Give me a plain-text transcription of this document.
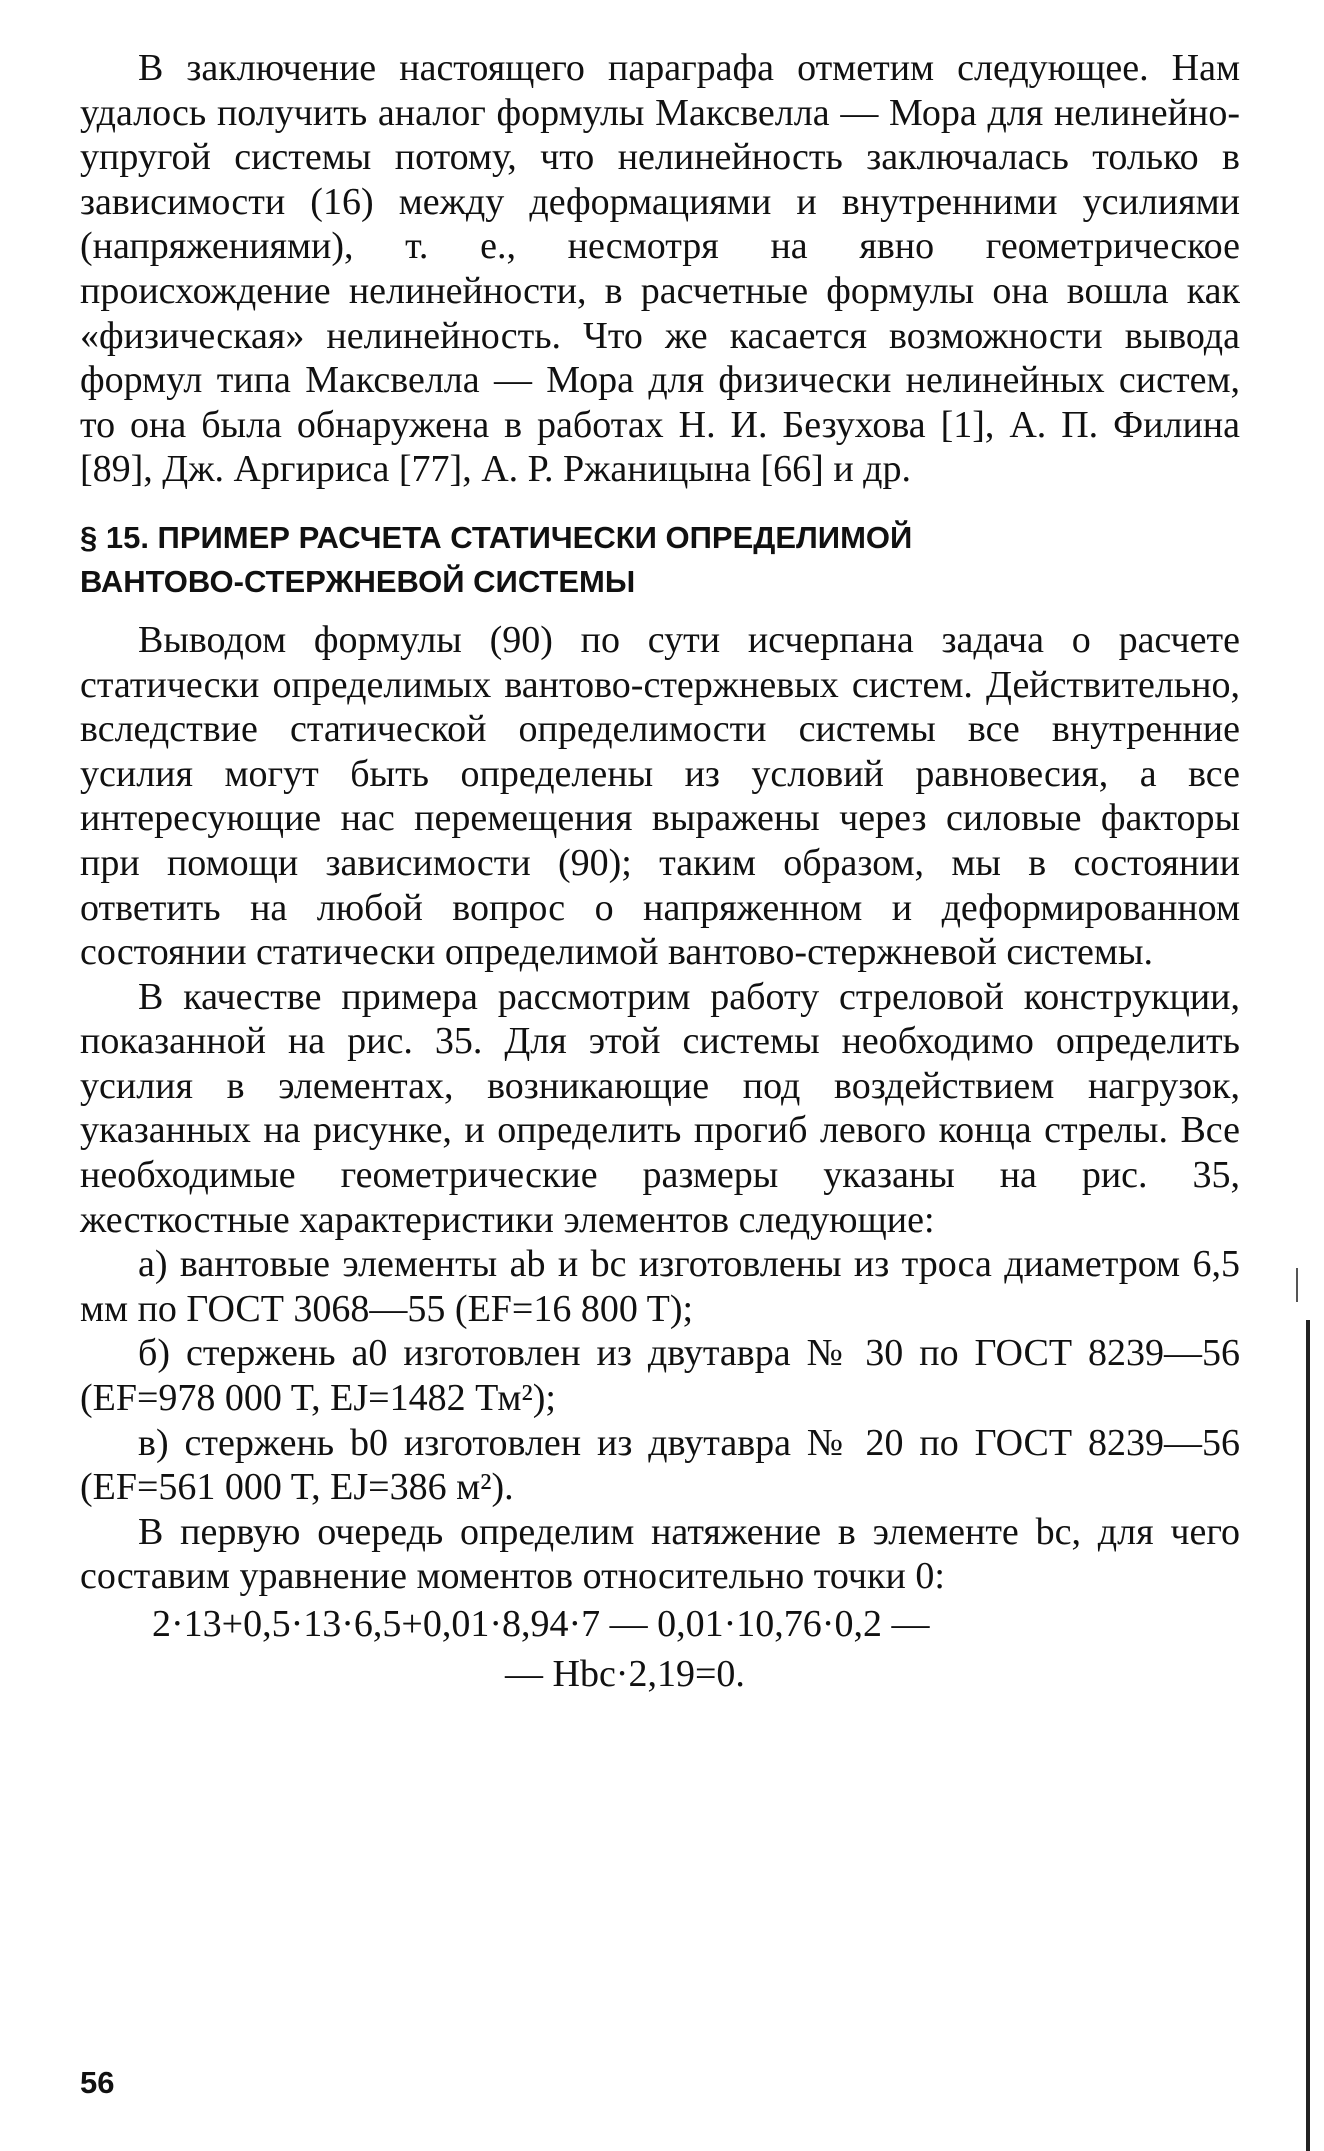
В заключение настоящего параграфа отметим следующее. Нам удалось получить аналог формулы Максвелла — Мора для нелинейно-упругой системы потому, что нелинейность заключалась только в зависимости (16) между деформациями и внутренними усилиями (напряжениями), т. е., несмотря на явно геометрическое происхождение нелинейности, в расчетные формулы она вошла как «физическая» нелинейность. Что же касается возможности вывода формул типа Максвелла — Мора для физически нелинейных систем, то она была обнаружена в работах Н. И. Безухова [1], А. П. Филина [89], Дж. Аргириса [77], А. Р. Ржаницына [66] и др.

§ 15. ПРИМЕР РАСЧЕТА СТАТИЧЕСКИ ОПРЕДЕЛИМОЙ

ВАНТОВО-СТЕРЖНЕВОЙ СИСТЕМЫ

Выводом формулы (90) по сути исчерпана задача о расчете статически определимых вантово-стержневых систем. Действительно, вследствие статической определимости системы все внутренние усилия могут быть определены из условий равновесия, а все интересующие нас перемещения выражены через силовые факторы при помощи зависимости (90); таким образом, мы в состоянии ответить на любой вопрос о напряженном и деформированном состоянии статически определимой вантово-стержневой системы.

В качестве примера рассмотрим работу стреловой конструкции, показанной на рис. 35. Для этой системы необходимо определить усилия в элементах, возникающие под воздействием нагрузок, указанных на рисунке, и определить прогиб левого конца стрелы. Все необходимые геометрические размеры указаны на рис. 35, жесткостные характеристики элементов следующие:

а) вантовые элементы ab и bc изготовлены из троса диаметром 6,5 мм по ГОСТ 3068—55 (EF=16 800 T);

б) стержень a0 изготовлен из двутавра № 30 по ГОСТ 8239—56 (EF=978 000 T, EJ=1482 Тм²);

в) стержень b0 изготовлен из двутавра № 20 по ГОСТ 8239—56 (EF=561 000 T, EJ=386 м²).

В первую очередь определим натяжение в элементе bc, для чего составим уравнение моментов относительно точки 0:

2·13+0,5·13·6,5+0,01·8,94·7 — 0,01·10,76·0,2 —

— Hbc·2,19=0.

56
